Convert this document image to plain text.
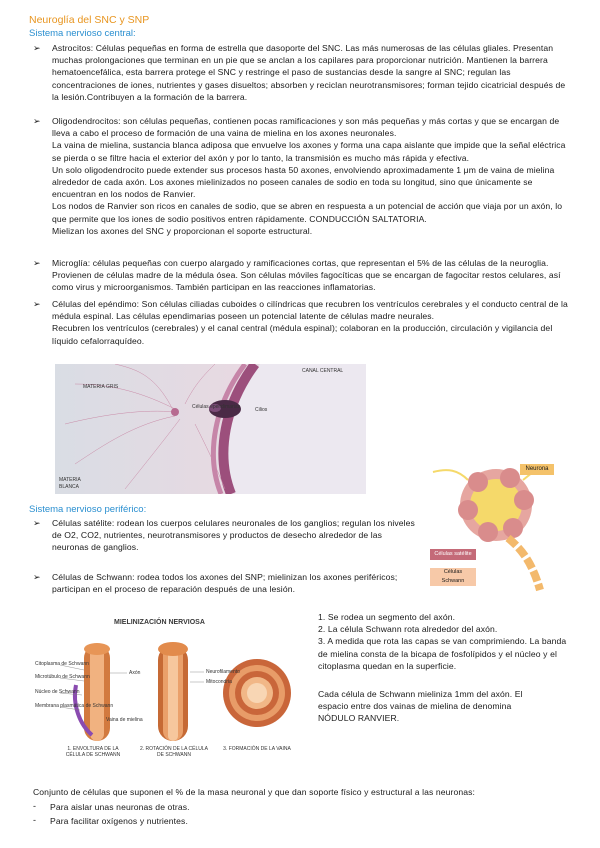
Neuroglía del SNC y SNP
Sistema nervioso central:
➢ Astrocitos: Células pequeñas en forma de estrella que dasoporte del SNC. Las más numerosas de las células gliales. Presentan muchas prolongaciones que terminan en un pie que se anclan a los capilares para proporcionar nutrición. Mantienen la barrera hematoencefálica, esta barrera protege el SNC y restringe el paso de sustancias desde la sangre al SNC; regulan las concentraciones de iones, nutrientes y gases disueltos; absorben y reciclan neurotransmisores; forman tejido cicatricial después de la lesión.Contribuyen a la formación de la barrera.

➢ Oligodendrocitos: son células pequeñas, contienen pocas ramificaciones y son más pequeñas y más cortas y que se encargan de lleva a cabo el proceso de formación de una vaina de mielina en los axones neuronales.

La vaina de mielina, sustancia blanca adiposa que envuelve los axones y forma una capa aislante que impide que la señal eléctrica se pierda o se filtre hacia el exterior del axón y por lo tanto, la transmisión es mucho más rápida y efectiva.

Un solo oligodendrocito puede extender sus procesos hasta 50 axones, envolviendo aproximadamente 1 μm de vaina de mielina alrededor de cada axón. Los axones mielinizados no poseen canales de sodio en toda su longitud, sino que únicamente se encuentran en los nodos de Ranvier.

Los nodos de Ranvier son ricos en canales de sodio, que se abren en respuesta a un potencial de acción que viaja por un axón, lo que permite que los iones de sodio positivos entren rápidamente. CONDUCCIÓN SALTATORIA.

Mielizan los axones del SNC y proporcionan el soporte estructural.

➢ Microglía: células pequeñas con cuerpo alargado y ramificaciones cortas, que representan el 5% de las células de la neuroglia. Provienen de células madre de la médula ósea. Son células móviles fagocíticas que se encargan de fagocitar restos celulares, así como virus y microorganismos. También participan en las reacciones inflamatorias.

➢ Células del epéndimo: Son células ciliadas cuboides o cilíndricas que recubren los ventrículos cerebrales y el conducto central de la médula espinal. Las células ependimarias poseen un potencial latente de células madre neurales.

Recubren los ventrículos (cerebrales) y el canal central (médula espinal); colaboran en la producción, circulación y vigilancia del líquido cefalorraquídeo.

CANAL CENTRAL
MATERIA GRIS
Células ependimarias	Cilios
MATERIA
BLANCA
Neurona
Células satélite
Células
Schwann
Sistema nervioso periférico:
➢ Células satélite: rodean los cuerpos celulares neuronales de los ganglios; regulan los niveles de O2, CO2, nutrientes, neurotransmisores y productos de desecho alrededor de las neuronas de ganglios.

➢ Células de Schwann: rodea todos los axones del SNP; mielinizan los axones periféricos; participan en el proceso de reparación después de una lesión.

MIELINIZACIÓN NERVIOSA
Citoplasma de Schwann
Microtúbulo de Schwann
Núcleo de Schwann
Membrana plasmática de Schwann
Axón	Neurofilamento
Mitocondria
Vaina de mielina
1. ENVOLTURA DE LA CÉLULA DE SCHWANN
2. ROTACIÓN DE LA CÉLULA DE SCHWANN
3. FORMACIÓN DE LA VAINA

1. Se rodea un segmento del axón.

2. La célula Schwann rota alrededor del axón.

3. A medida que rota las capas se van comprimiendo. La banda de mielina consta de la bicapa de fosfolípidos y el núcleo y el citoplasma quedan en la superficie.

Cada célula de Schwann mieliniza 1mm del axón. El espacio entre dos vainas de mielina de denomina NÓDULO RANVIER.

Conjunto de células que suponen el % de la masa neuronal y que dan soporte físico y estructural a las neuronas:

- Para aislar unas neuronas de otras.

- Para facilitar oxígenos y nutrientes.
